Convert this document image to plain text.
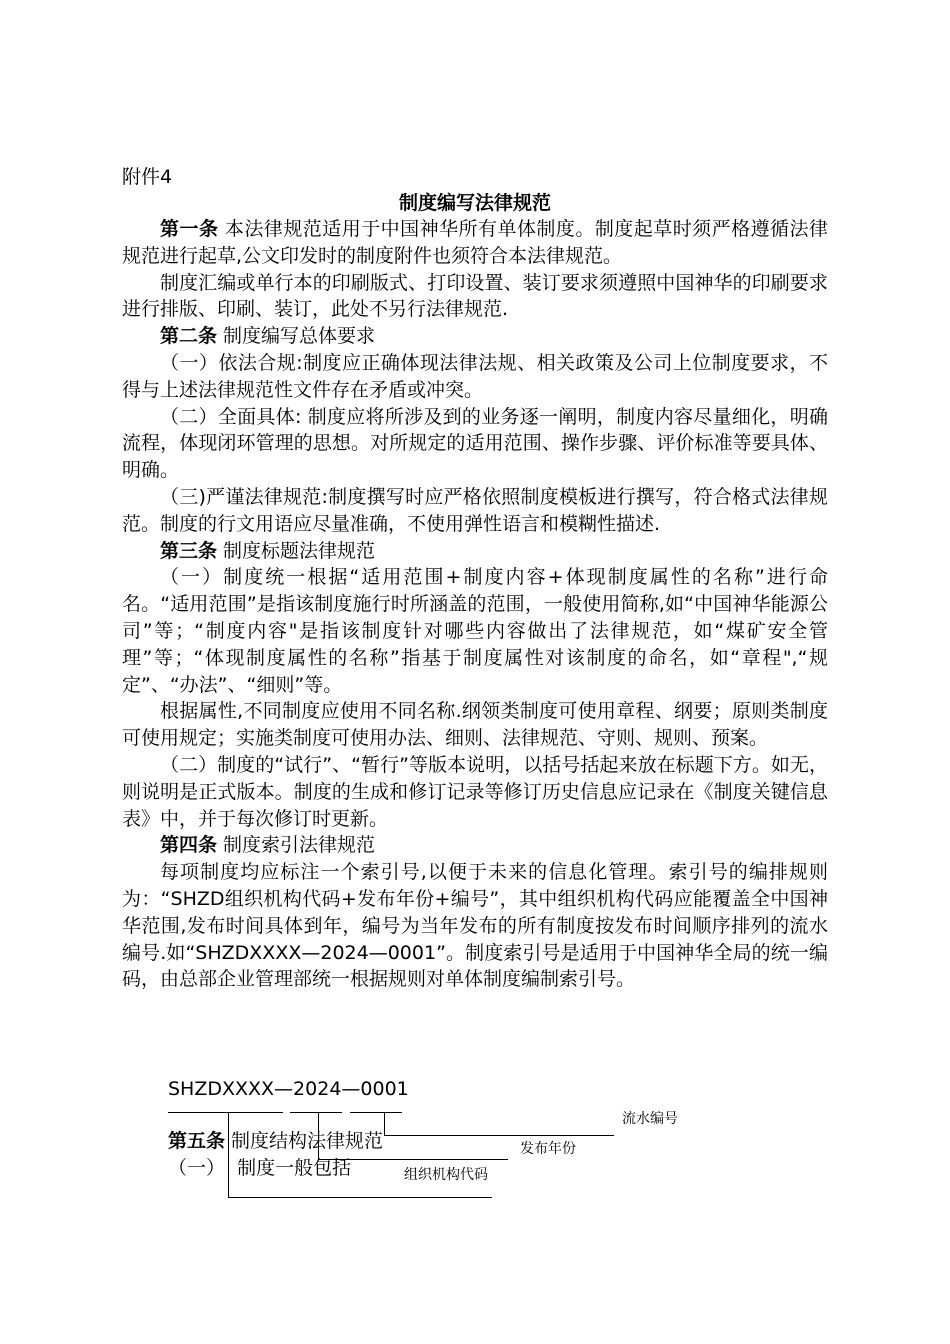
附件4
制度编写法律规范

第一条 本法律规范适用于中国神华所有单体制度。制度起草时须严格遵循法律规范进行起草,公文印发时的制度附件也须符合本法律规范。

制度汇编或单行本的印刷版式、打印设置、装订要求须遵照中国神华的印刷要求进行排版、印刷、装订，此处不另行法律规范.

第二条 制度编写总体要求

（一）依法合规:制度应正确体现法律法规、相关政策及公司上位制度要求，不得与上述法律规范性文件存在矛盾或冲突。

（二）全面具体: 制度应将所涉及到的业务逐一阐明，制度内容尽量细化，明确流程，体现闭环管理的思想。对所规定的适用范围、操作步骤、评价标准等要具体、明确。

（三)严谨法律规范:制度撰写时应严格依照制度模板进行撰写，符合格式法律规范。制度的行文用语应尽量准确，不使用弹性语言和模糊性描述.

第三条 制度标题法律规范

（一）制度统一根据“适用范围+制度内容+体现制度属性的名称”进行命名。“适用范围”是指该制度施行时所涵盖的范围，一般使用简称,如“中国神华能源公司”等；“制度内容"是指该制度针对哪些内容做出了法律规范，如“煤矿安全管理”等；“体现制度属性的名称”指基于制度属性对该制度的命名，如“章程",“规定”、“办法”、“细则”等。

根据属性,不同制度应使用不同名称.纲领类制度可使用章程、纲要；原则类制度可使用规定；实施类制度可使用办法、细则、法律规范、守则、规则、预案。

（二）制度的“试行”、“暂行”等版本说明，以括号括起来放在标题下方。如无，则说明是正式版本。制度的生成和修订记录等修订历史信息应记录在《制度关键信息表》中，并于每次修订时更新。

第四条 制度索引法律规范

每项制度均应标注一个索引号,以便于未来的信息化管理。索引号的编排规则为：“SHZD组织机构代码+发布年份+编号”，其中组织机构代码应能覆盖全中国神华范围,发布时间具体到年，编号为当年发布的所有制度按发布时间顺序排列的流水编号.如“SHZDXXXX—2024—0001”。制度索引号是适用于中国神华全局的统一编码，由总部企业管理部统一根据规则对单体制度编制索引号。

SHZDXXXX—2024—0001
流水编号
发布年份
组织机构代码
第五条 制度结构法律规范
（一）  制度一般包括
